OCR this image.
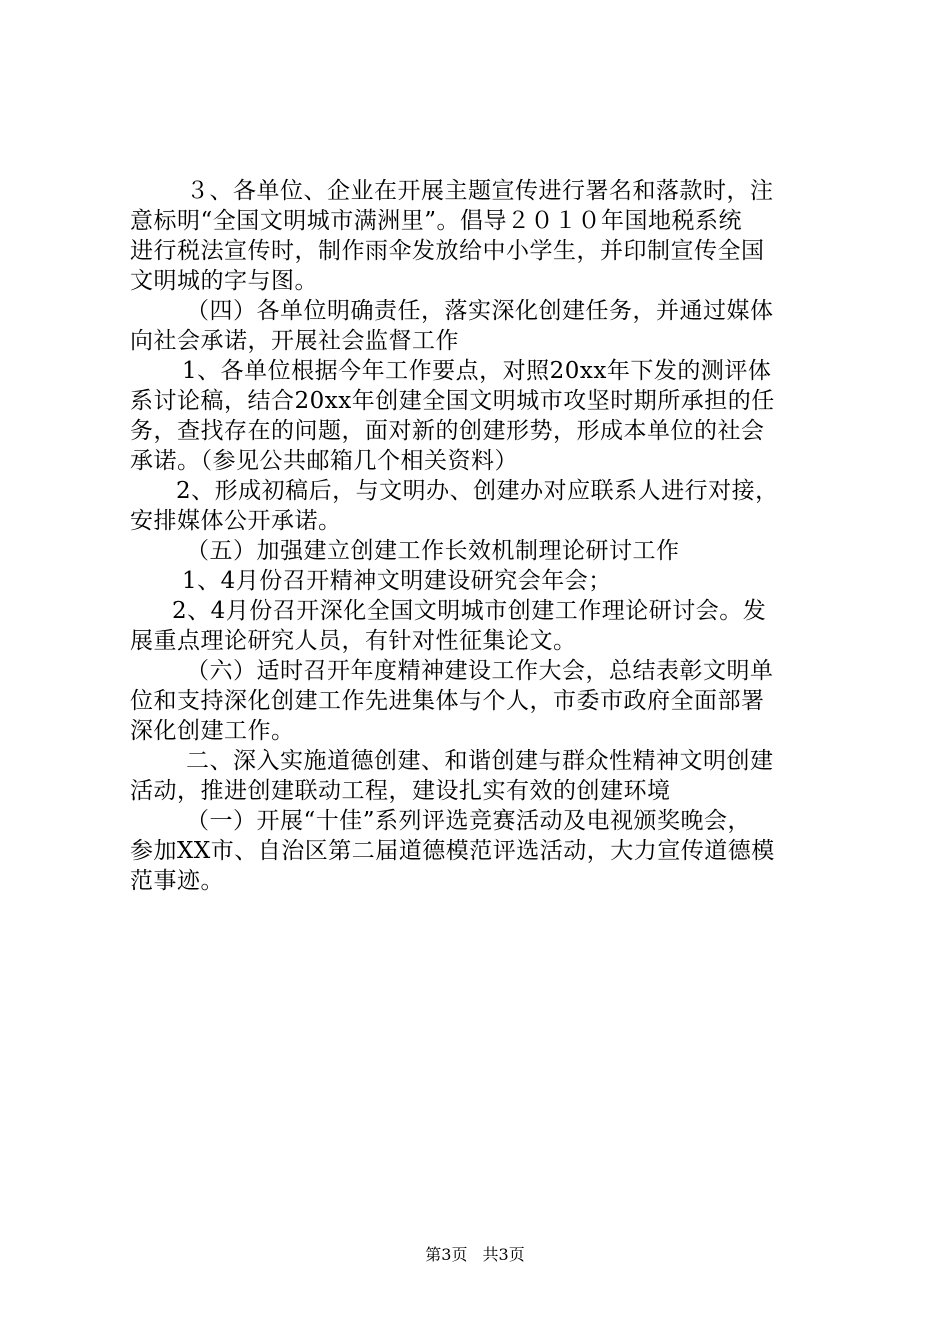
３、各单位、企业在开展主题宣传进行署名和落款时，注
意标明“全国文明城市满洲里”。倡导２０１０年国地税系统
进行税法宣传时，制作雨伞发放给中小学生，并印制宣传全国
文明城的字与图。
（四）各单位明确责任，落实深化创建任务，并通过媒体
向社会承诺，开展社会监督工作
1、各单位根据今年工作要点，对照20xx年下发的测评体
系讨论稿，结合20xx年创建全国文明城市攻坚时期所承担的任
务，查找存在的问题，面对新的创建形势，形成本单位的社会
承诺。（参见公共邮箱几个相关资料）
2、形成初稿后，与文明办、创建办对应联系人进行对接，
安排媒体公开承诺。
（五）加强建立创建工作长效机制理论研讨工作
1、4月份召开精神文明建设研究会年会；
2、4月份召开深化全国文明城市创建工作理论研讨会。发
展重点理论研究人员，有针对性征集论文。
（六）适时召开年度精神建设工作大会，总结表彰文明单
位和支持深化创建工作先进集体与个人，市委市政府全面部署
深化创建工作。
二、深入实施道德创建、和谐创建与群众性精神文明创建
活动，推进创建联动工程，建设扎实有效的创建环境
（一）开展“十佳”系列评选竞赛活动及电视颁奖晚会，
参加XX市、自治区第二届道德模范评选活动，大力宣传道德模
范事迹。
第3页 共3页
